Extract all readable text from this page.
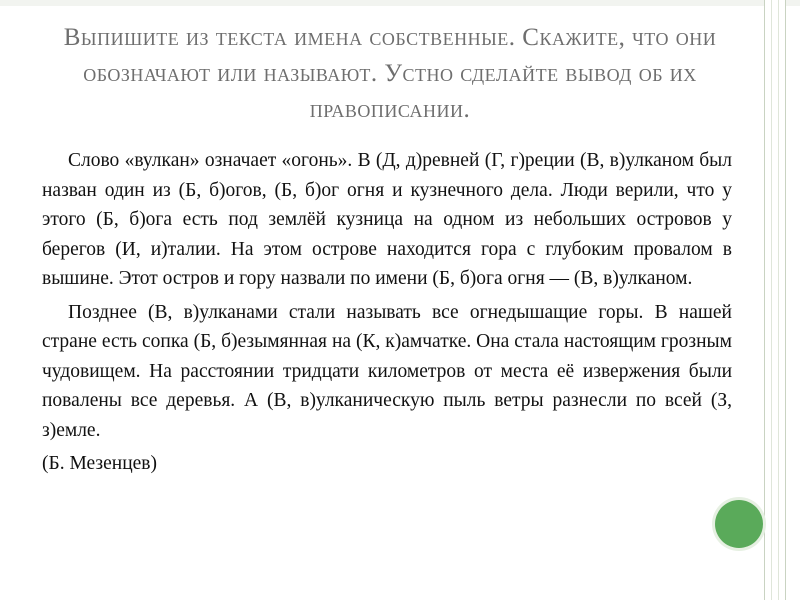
Выпишите из текста имена собственные. Скажите, что они обозначают или называют. Устно сделайте вывод об их правописании.

Слово «вулкан» означает «огонь». В (Д, д)ревней (Г, г)реции (В, в)улканом был назван один из (Б, б)огов, (Б, б)ог огня и кузнечного дела. Люди верили, что у этого (Б, б)ога есть под землёй кузница на одном из небольших островов у берегов (И, и)талии. На этом острове находится гора с глубоким провалом в вышине. Этот остров и гору назвали по имени (Б, б)ога огня — (В, в)улканом.

Позднее (В, в)улканами стали называть все огнедышащие горы. В нашей стране есть сопка (Б, б)езымянная на (К, к)амчатке. Она стала настоящим грозным чудовищем. На расстоянии тридцати километров от места её извержения были повалены все деревья. А (В, в)улканическую пыль ветры разнесли по всей (З, з)емле.

(Б. Мезенцев)
